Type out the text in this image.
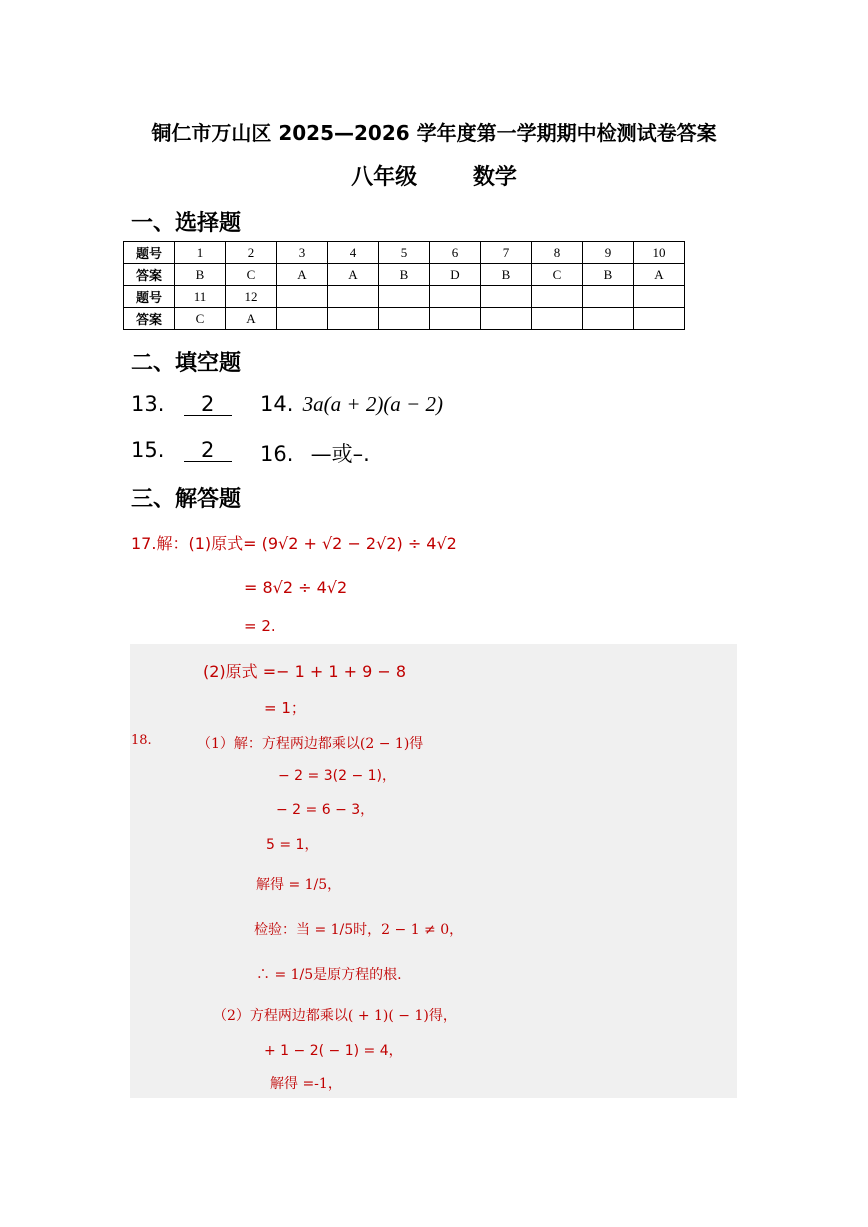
铜仁市万山区 2025—2026 学年度第一学期期中检测试卷答案
八年级	数学
一、选择题
题号	1	2	3	4	5	6	7	8	9	10
答案	B	C	A	A	B	D	B	C	B	A
题号	11	12								
答案	C	A								
二、填空题
13. 2	14. 3a(a + 2)(a − 2)
15. 2	16. —或–.
三、解答题
17.解：(1)原式= (9√2 + √2 − 2√2) ÷ 4√2
= 8√2 ÷ 4√2
= 2.
(2)原式 =− 1 + 1 + 9 − 8
= 1；
18.	（1）解：方程两边都乘以(2 − 1)得
− 2 = 3(2 − 1)，
− 2 = 6 − 3，
5 = 1，
解得 = 1/5，
检验：当 = 1/5时，2 − 1 ≠ 0，
∴ = 1/5是原方程的根.
（2）方程两边都乘以( + 1)( − 1)得，
+ 1 − 2( − 1) = 4，
解得 =-1，
